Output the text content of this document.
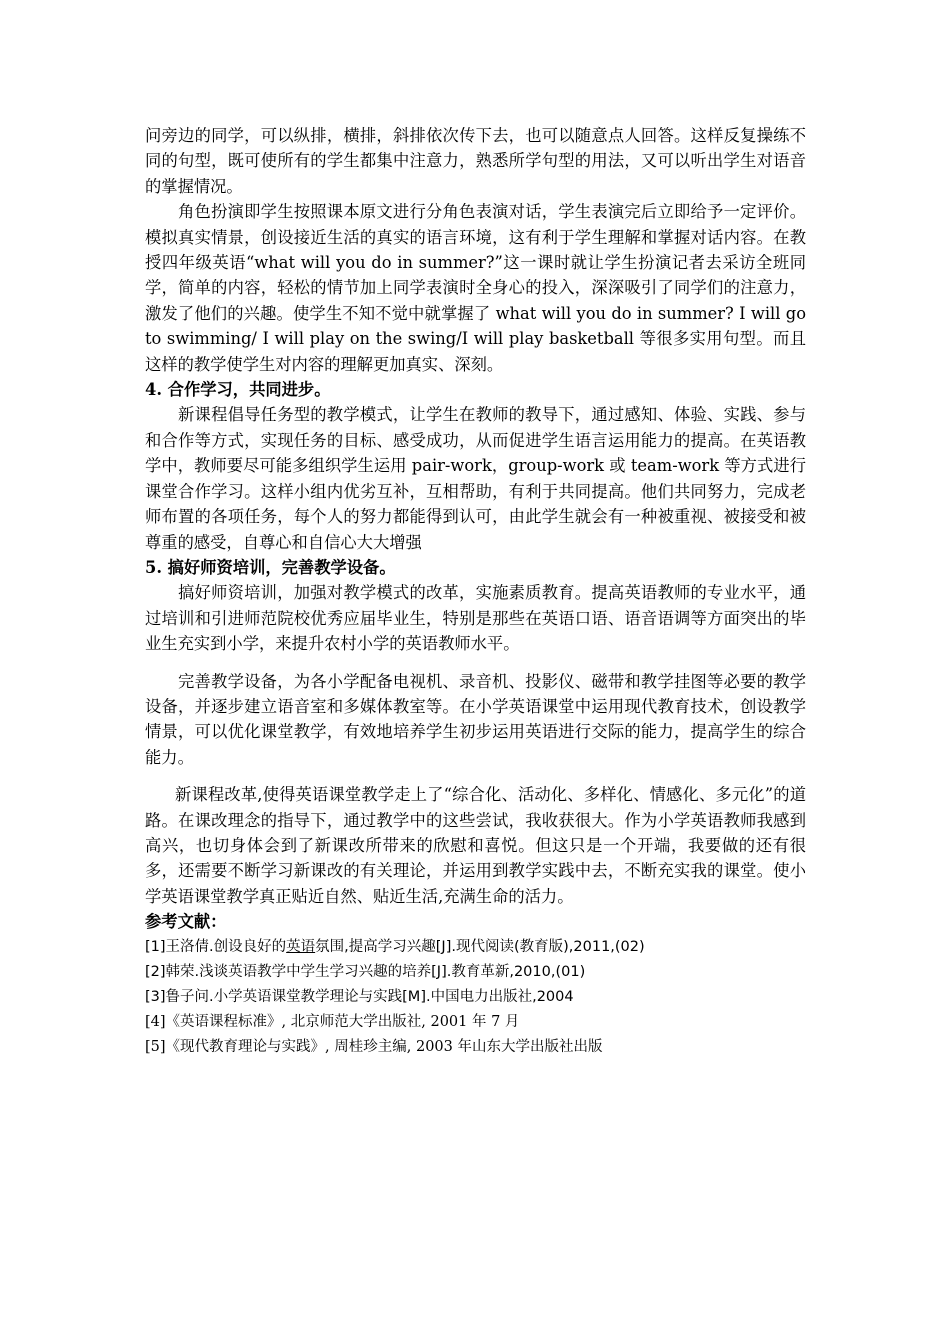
问旁边的同学，可以纵排，横排，斜排依次传下去，也可以随意点人回答。这样反复操练不同的句型，既可使所有的学生都集中注意力，熟悉所学句型的用法，又可以听出学生对语音的掌握情况。

角色扮演即学生按照课本原文进行分角色表演对话，学生表演完后立即给予一定评价。模拟真实情景，创设接近生活的真实的语言环境，这有利于学生理解和掌握对话内容。在教授四年级英语“what will you do in summer?”这一课时就让学生扮演记者去采访全班同学，简单的内容，轻松的情节加上同学表演时全身心的投入，深深吸引了同学们的注意力，激发了他们的兴趣。使学生不知不觉中就掌握了 what will you do in summer? I will go to swimming/ I will play on the swing/I will play basketball 等很多实用句型。而且这样的教学使学生对内容的理解更加真实、深刻。

4. 合作学习，共同进步。

新课程倡导任务型的教学模式，让学生在教师的教导下，通过感知、体验、实践、参与和合作等方式，实现任务的目标、感受成功，从而促进学生语言运用能力的提高。在英语教学中，教师要尽可能多组织学生运用 pair-work，group-work 或 team-work 等方式进行课堂合作学习。这样小组内优劣互补，互相帮助，有利于共同提高。他们共同努力，完成老师布置的各项任务，每个人的努力都能得到认可，由此学生就会有一种被重视、被接受和被尊重的感受，自尊心和自信心大大增强

5. 搞好师资培训，完善教学设备。

搞好师资培训，加强对教学模式的改革，实施素质教育。提高英语教师的专业水平，通过培训和引进师范院校优秀应届毕业生，特别是那些在英语口语、语音语调等方面突出的毕业生充实到小学，来提升农村小学的英语教师水平。

完善教学设备，为各小学配备电视机、录音机、投影仪、磁带和教学挂图等必要的教学设备，并逐步建立语音室和多媒体教室等。在小学英语课堂中运用现代教育技术，创设教学情景，可以优化课堂教学，有效地培养学生初步运用英语进行交际的能力，提高学生的综合能力。

新课程改革,使得英语课堂教学走上了“综合化、活动化、多样化、情感化、多元化”的道路。在课改理念的指导下，通过教学中的这些尝试，我收获很大。作为小学英语教师我感到高兴，也切身体会到了新课改所带来的欣慰和喜悦。但这只是一个开端，我要做的还有很多，还需要不断学习新课改的有关理论，并运用到教学实践中去，不断充实我的课堂。使小学英语课堂教学真正贴近自然、贴近生活,充满生命的活力。

参考文献：

[1]王洛倩.创设良好的英语氛围,提高学习兴趣[J].现代阅读(教育版),2011,(02)

[2]韩荣.浅谈英语教学中学生学习兴趣的培养[J].教育革新,2010,(01)

[3]鲁子问.小学英语课堂教学理论与实践[M].中国电力出版社,2004

[4]《英语课程标准》, 北京师范大学出版社, 2001 年 7 月

[5]《现代教育理论与实践》, 周桂珍主编, 2003 年山东大学出版社出版
